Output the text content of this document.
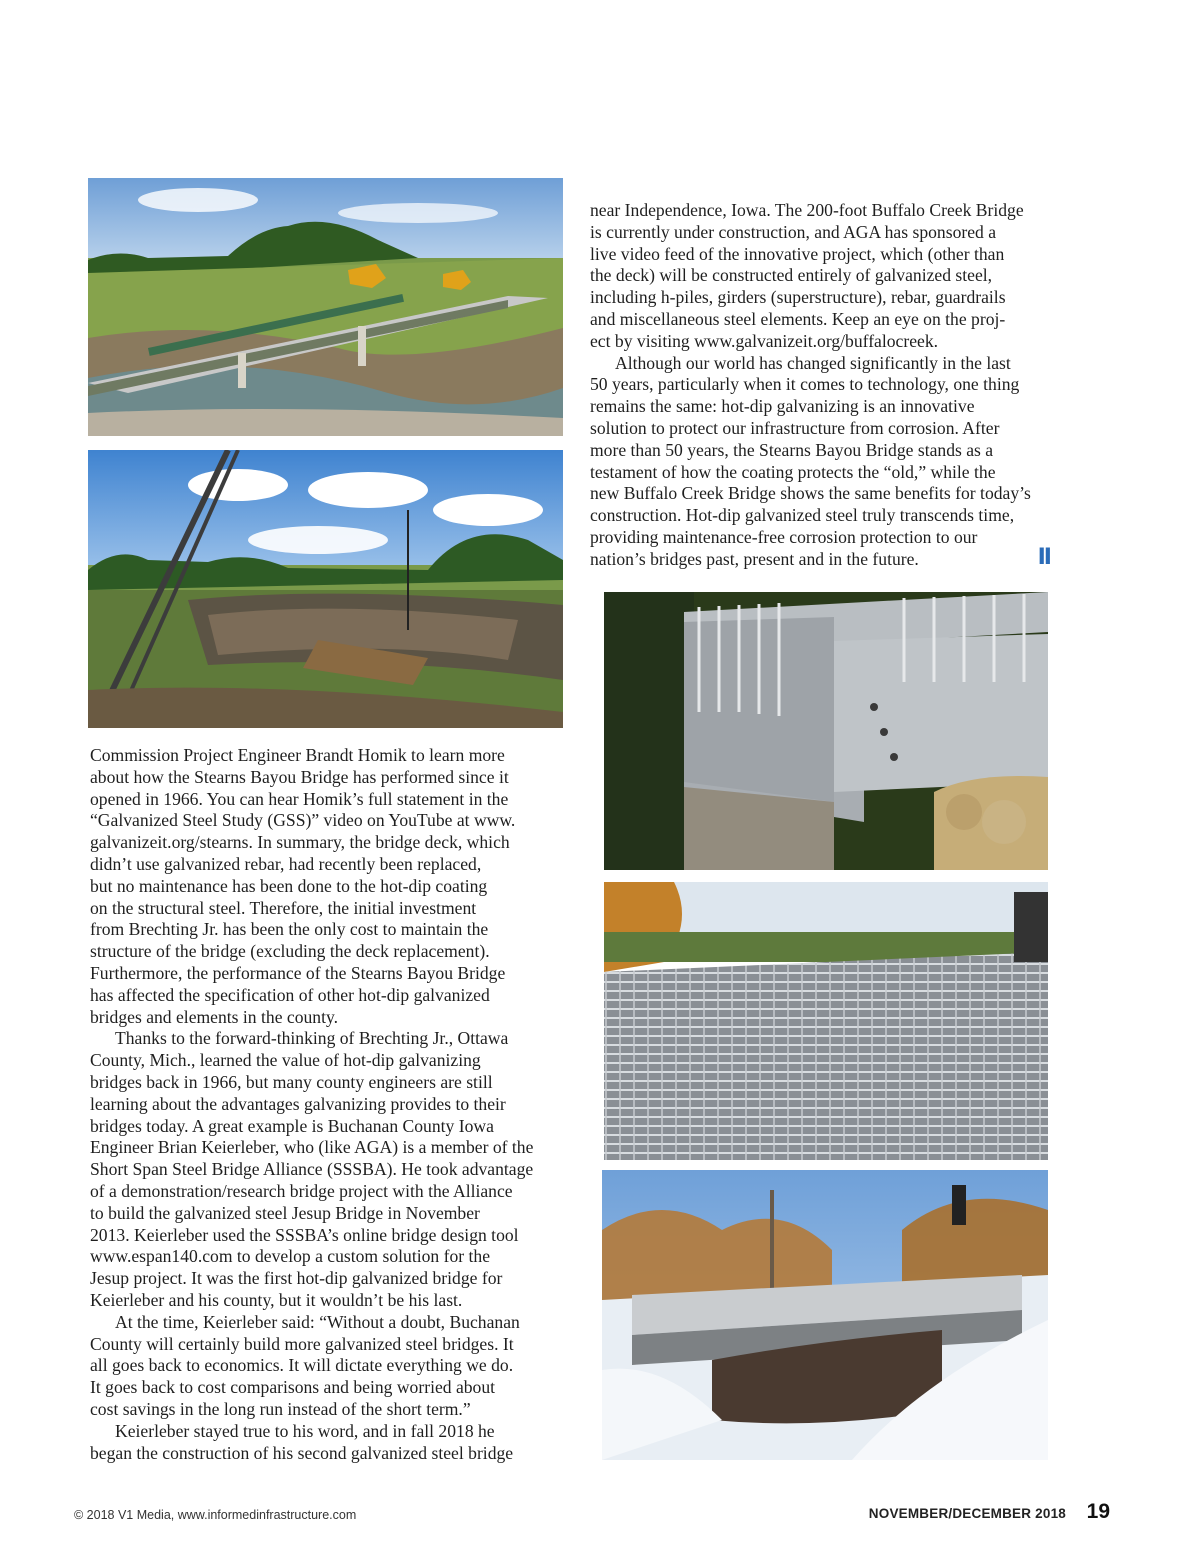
Commission Project Engineer Brandt Homik to learn more
about how the Stearns Bayou Bridge has performed since it
opened in 1966. You can hear Homik’s full statement in the
“Galvanized Steel Study (GSS)” video on YouTube at www.
galvanizeit.org/stearns. In summary, the bridge deck, which
didn’t use galvanized rebar, had recently been replaced,
but no maintenance has been done to the hot-dip coating
on the structural steel. Therefore, the initial investment
from Brechting Jr. has been the only cost to maintain the
structure of the bridge (excluding the deck replacement).
Furthermore, the performance of the Stearns Bayou Bridge
has affected the specification of other hot-dip galvanized
bridges and elements in the county.

Thanks to the forward-thinking of Brechting Jr., Ottawa
County, Mich., learned the value of hot-dip galvanizing
bridges back in 1966, but many county engineers are still
learning about the advantages galvanizing provides to their
bridges today. A great example is Buchanan County Iowa
Engineer Brian Keierleber, who (like AGA) is a member of the
Short Span Steel Bridge Alliance (SSSBA). He took advantage
of a demonstration/research bridge project with the Alliance
to build the galvanized steel Jesup Bridge in November
2013. Keierleber used the SSSBA’s online bridge design tool
www.espan140.com to develop a custom solution for the
Jesup project. It was the first hot-dip galvanized bridge for
Keierleber and his county, but it wouldn’t be his last.

At the time, Keierleber said: “Without a doubt, Buchanan
County will certainly build more galvanized steel bridges. It
all goes back to economics. It will dictate everything we do.
It goes back to cost comparisons and being worried about
cost savings in the long run instead of the short term.”

Keierleber stayed true to his word, and in fall 2018 he
began the construction of his second galvanized steel bridge

near Independence, Iowa. The 200-foot Buffalo Creek Bridge
is currently under construction, and AGA has sponsored a
live video feed of the innovative project, which (other than
the deck) will be constructed entirely of galvanized steel,
including h-piles, girders (superstructure), rebar, guardrails
and miscellaneous steel elements. Keep an eye on the proj-
ect by visiting www.galvanizeit.org/buffalocreek.

Although our world has changed significantly in the last
50 years, particularly when it comes to technology, one thing
remains the same: hot-dip galvanizing is an innovative
solution to protect our infrastructure from corrosion. After
more than 50 years, the Stearns Bayou Bridge stands as a
testament of how the coating protects the “old,” while the
new Buffalo Creek Bridge shows the same benefits for today’s
construction. Hot-dip galvanized steel truly transcends time,
providing maintenance-free corrosion protection to our
nation’s bridges past, present and in the future.	II
© 2018 V1 Media, www.informedinfrastructure.com	NOVEMBER/DECEMBER 2018 19
